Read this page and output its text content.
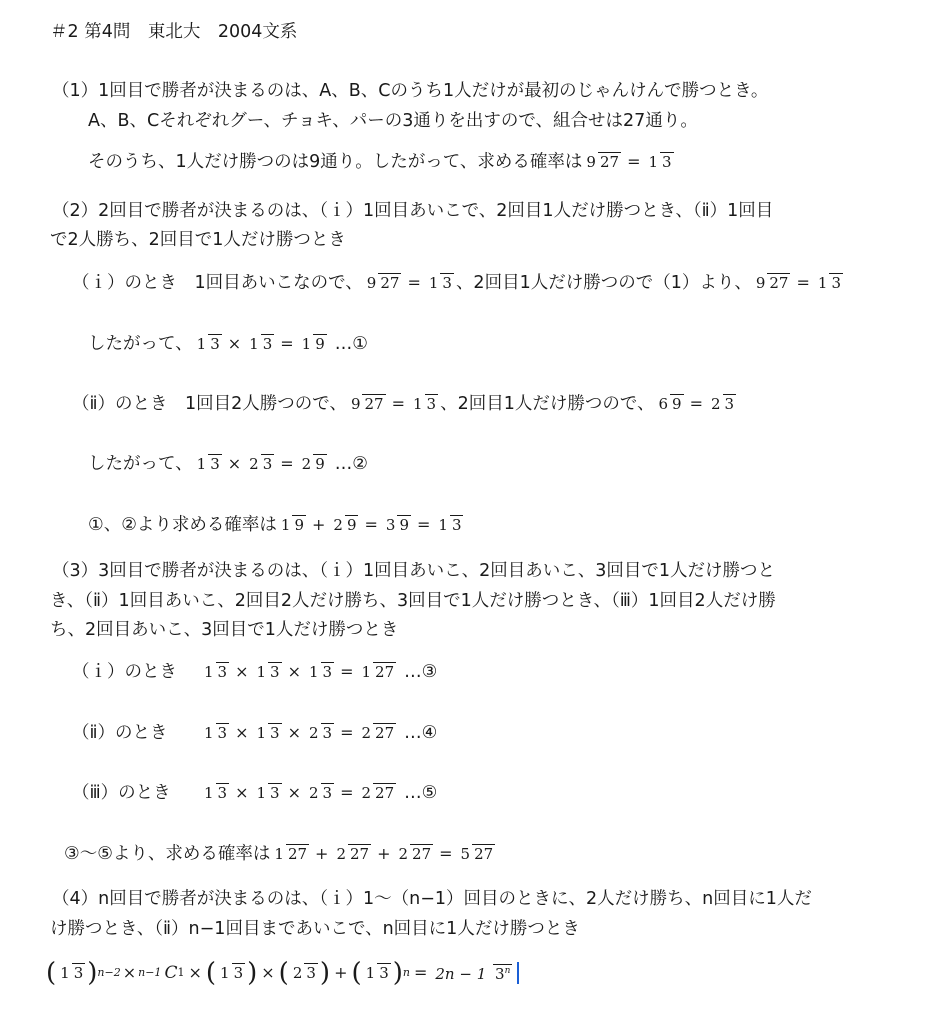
＃2 第4問　東北大　2004文系
（1）1回目で勝者が決まるのは、A、B、Cのうち1人だけが最初のじゃんけんで勝つとき。
A、B、Cそれぞれグー、チョキ、パーの3通りを出すので、組合せは27通り。
そのうち、1人だけ勝つのは9通り。したがって、求める確率は 9 27 = 1 3
（2）2回目で勝者が決まるのは、（ｉ）1回目あいこで、2回目1人だけ勝つとき、（ⅱ）1回目
で2人勝ち、2回目で1人だけ勝つとき
（ｉ）のとき　1回目あいこなので、 9 27 = 1 3 、2回目1人だけ勝つので（1）より、 9 27 = 1 3
したがって、 1 3 × 1 3 = 1 9 …①
（ⅱ）のとき　1回目2人勝つので、 9 27 = 1 3 、2回目1人だけ勝つので、 6 9 = 2 3
したがって、 1 3 × 2 3 = 2 9 …②
①、②より求める確率は 1 9 + 2 9 = 3 9 = 1 3
（3）3回目で勝者が決まるのは、（ｉ）1回目あいこ、2回目あいこ、3回目で1人だけ勝つと
き、（ⅱ）1回目あいこ、2回目2人だけ勝ち、3回目で1人だけ勝つとき、（ⅲ）1回目2人だけ勝
ち、2回目あいこ、3回目で1人だけ勝つとき
（ｉ）のとき	1 3 × 1 3 × 1 3 = 1 27 …③
（ⅱ）のとき	1 3 × 1 3 × 2 3 = 2 27 …④
（ⅲ）のとき	1 3 × 1 3 × 2 3 = 2 27 …⑤
③〜⑤より、求める確率は 1 27 + 2 27 + 2 27 = 5 27
（4）n回目で勝者が決まるのは、（ｉ）1〜（n−1）回目のときに、2人だけ勝ち、n回目に1人だ
け勝つとき、（ⅱ）n−1回目まであいこで、n回目に1人だけ勝つとき
( 1 3 ) n−2 × n−1 C 1 × ( 1 3 ) × ( 2 3 ) + ( 1 3 ) n = 2n − 1 3$^n$
